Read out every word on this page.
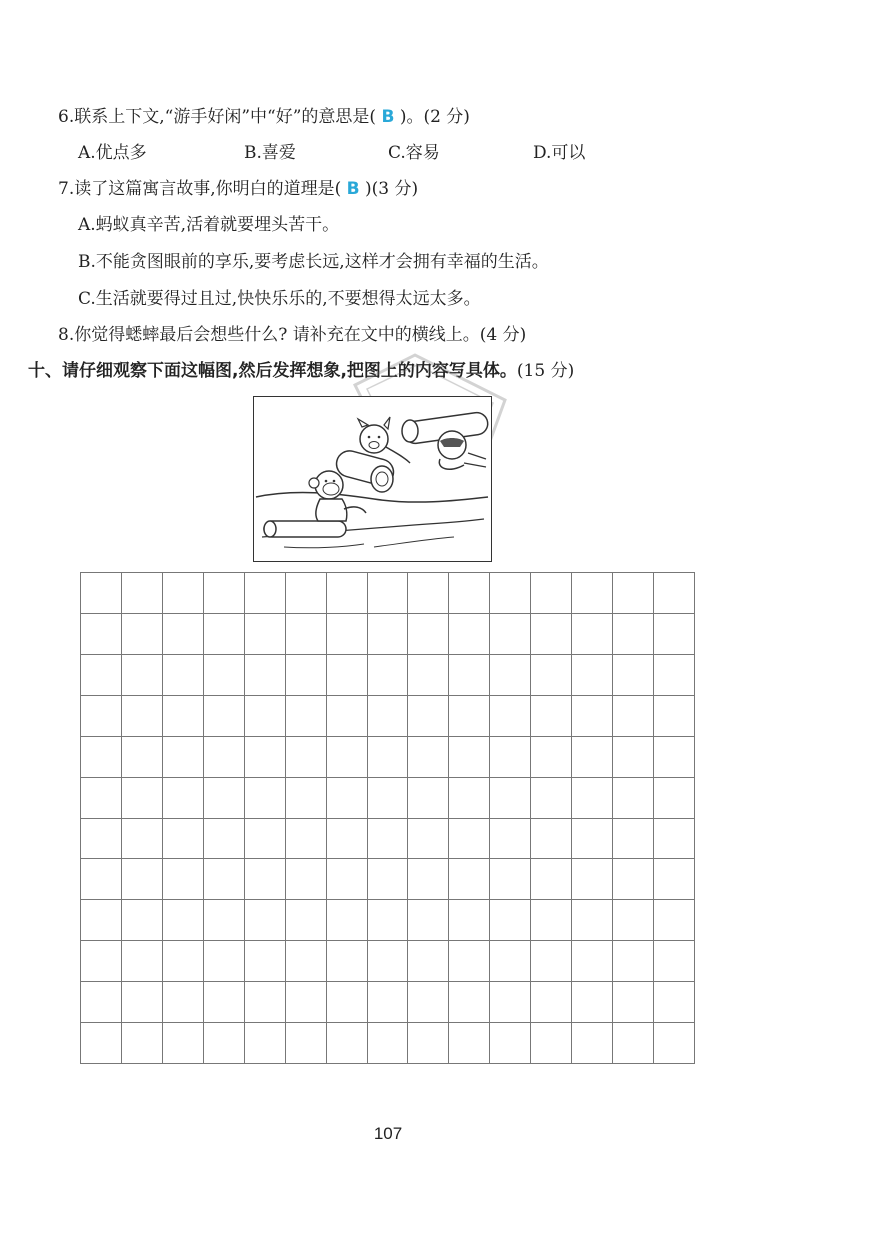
6.联系上下文,“游手好闲”中“好”的意思是( B )。(2 分)
A.优点多	B.喜爱	C.容易	D.可以
7.读了这篇寓言故事,你明白的道理是( B )(3 分)
A.蚂蚁真辛苦,活着就要埋头苦干。
B.不能贪图眼前的享乐,要考虑长远,这样才会拥有幸福的生活。
C.生活就要得过且过,快快乐乐的,不要想得太远太多。
8.你觉得蟋蟀最后会想些什么? 请补充在文中的横线上。(4 分)
十、请仔细观察下面这幅图,然后发挥想象,把图上的内容写具体。(15 分)
107
